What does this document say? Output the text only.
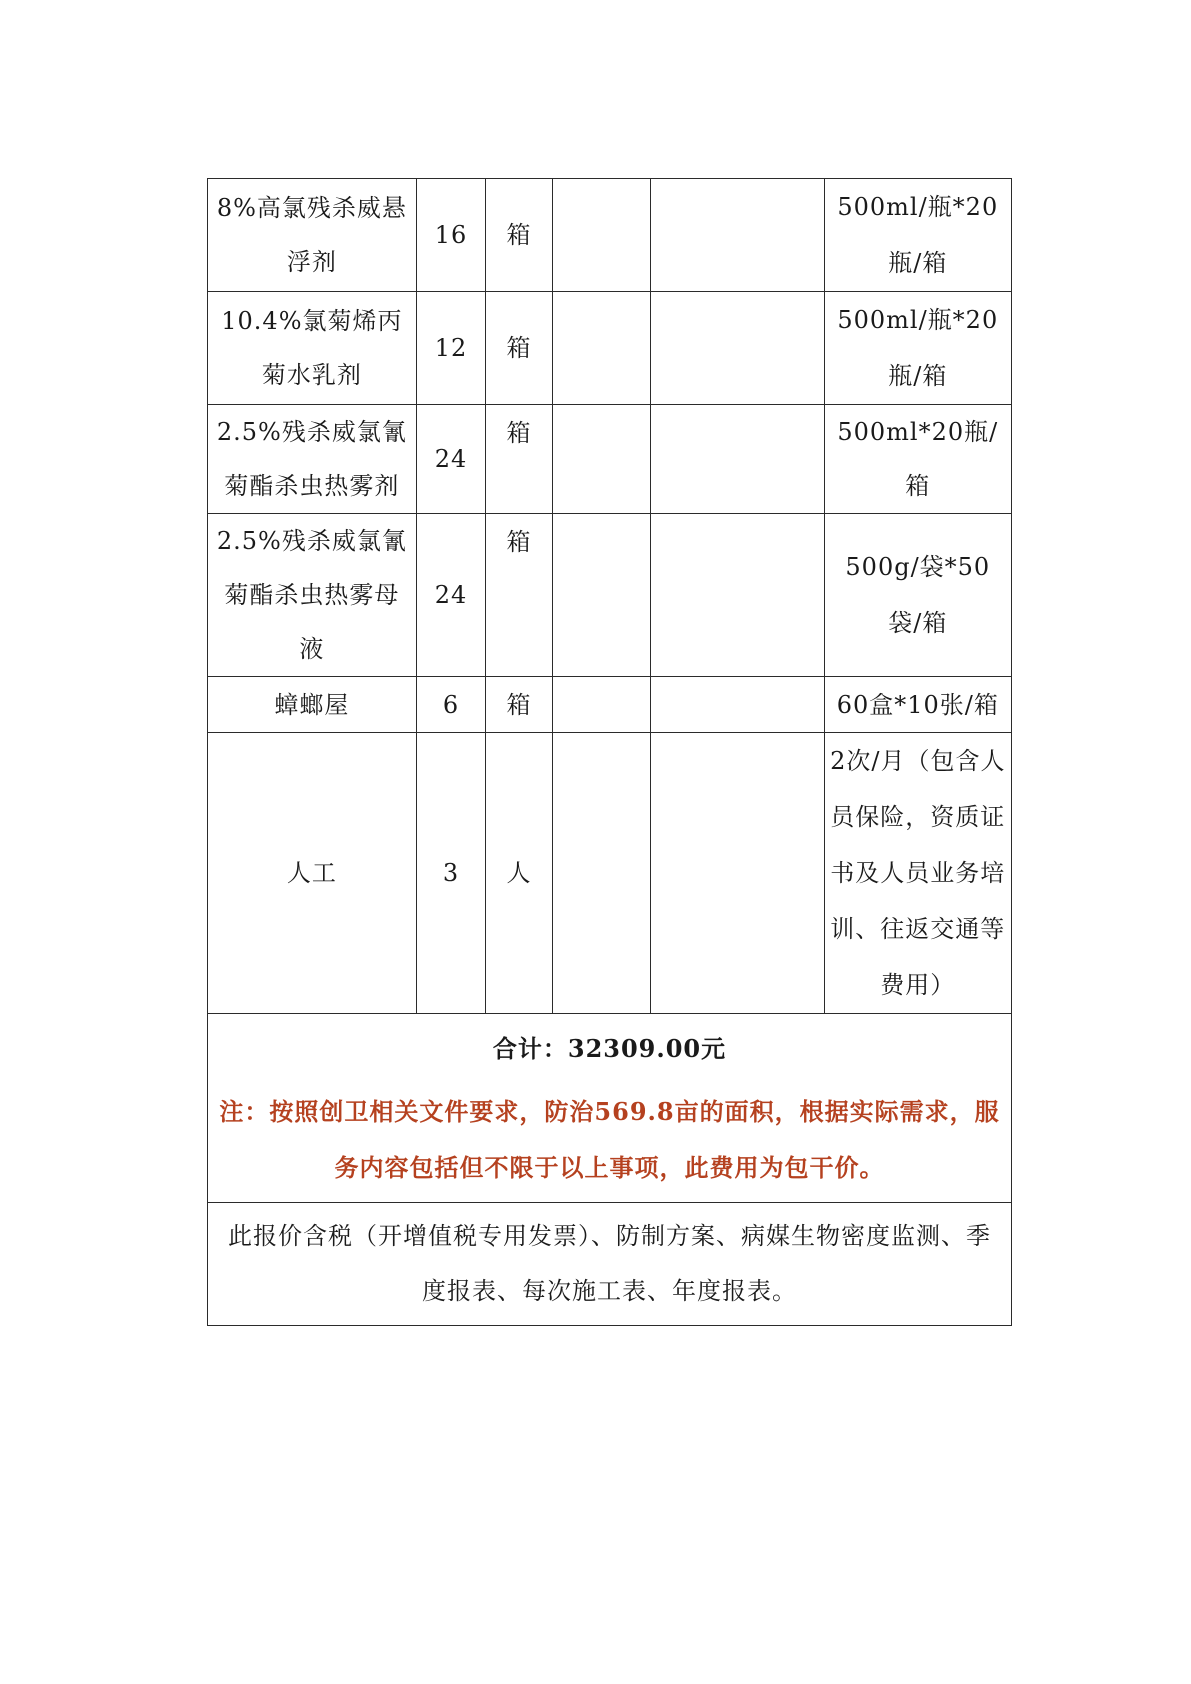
8%高氯残杀威悬浮剂	16	箱			500ml/瓶*20瓶/箱
10.4%氯菊烯丙菊水乳剂	12	箱			500ml/瓶*20瓶/箱
2.5%残杀威氯氰菊酯杀虫热雾剂	24	箱			500ml*20瓶/箱
2.5%残杀威氯氰菊酯杀虫热雾母液	24	箱			500g/袋*50袋/箱
蟑螂屋	6	箱			60盒*10张/箱
人工	3	人			2次/月（包含人员保险，资质证书及人员业务培训、往返交通等费用）
合计：32309.00元					
注：按照创卫相关文件要求，防治569.8亩的面积，根据实际需求，服务内容包括但不限于以上事项，此费用为包干价。					
此报价含税（开增值税专用发票）、防制方案、病媒生物密度监测、季度报表、每次施工表、年度报表。					
